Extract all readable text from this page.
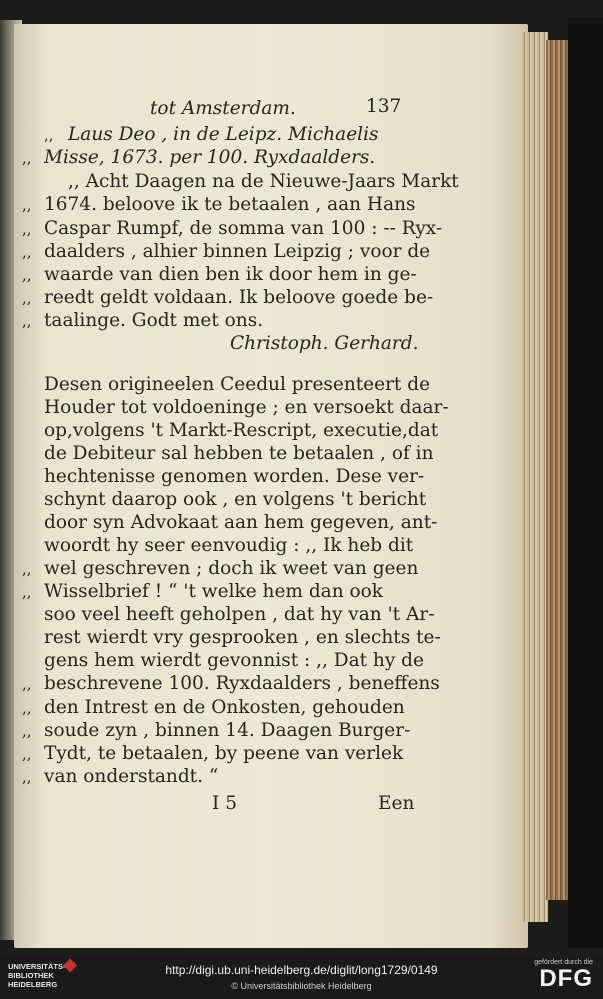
tot Amsterdam.	137
,, Laus Deo , in de Leipz. Michaelis
,, Misse, 1673. per 100. Ryxdaalders.
,, Acht Daagen na de Nieuwe-Jaars Markt
,, 1674. beloove ik te betaalen , aan Hans
,, Caspar Rumpf, de somma van 100 : -- Ryx-
,, daalders , alhier binnen Leipzig ; voor de
,, waarde van dien ben ik door hem in ge-
,, reedt geldt voldaan. Ik beloove goede be-
,, taalinge. Godt met ons.
Christoph. Gerhard.
Desen origineelen Ceedul presenteert de
Houder tot voldoeninge ; en versoekt daar-
op,volgens 't Markt-Rescript, executie,dat
de Debiteur sal hebben te betaalen , of in
hechtenisse genomen worden. Dese ver-
schynt daarop ook , en volgens 't bericht
door syn Advokaat aan hem gegeven, ant-
woordt hy seer eenvoudig : ,, Ik heb dit
,, wel geschreven ; doch ik weet van geen
,, Wisselbrief ! “ 't welke hem dan ook
soo veel heeft geholpen , dat hy van 't Ar-
rest wierdt vry gesprooken , en slechts te-
gens hem wierdt gevonnist : ,, Dat hy de
,, beschrevene 100. Ryxdaalders , beneffens
,, den Intrest en de Onkosten, gehouden
,, soude zyn , binnen 14. Daagen Burger-
,, Tydt, te betaalen, by peene van verlek
,, van onderstandt. “
I 5	Een
UNIVERSITÄTS-
BIBLIOTHEK
HEIDELBERG
❖	http://digi.ub.uni-heidelberg.de/diglit/long1729/0149
© Universitätsbibliothek Heidelberg
gefördert durch die
DFG
